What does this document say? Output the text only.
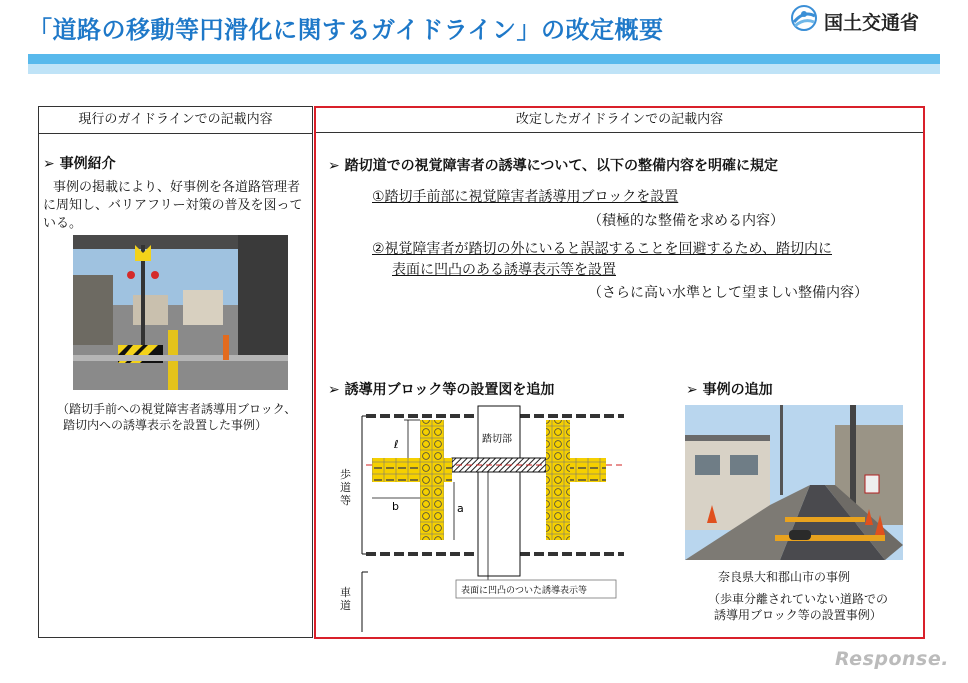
「道路の移動等円滑化に関するガイドライン」の改定概要	国土交通省
現行のガイドラインでの記載内容
➢ 事例紹介
事例の掲載により、好事例を各道路管理者
に周知し、バリアフリー対策の普及を図って
いる。
（踏切手前への視覚障害者誘導用ブロック、
踏切内への誘導表示を設置した事例）
改定したガイドラインでの記載内容
➢ 踏切道での視覚障害者の誘導について、以下の整備内容を明確に規定
①踏切手前部に視覚障害者誘導用ブロックを設置
（積極的な整備を求める内容）
②視覚障害者が踏切の外にいると誤認することを回避するため、踏切内に
表面に凹凸のある誘導表示等を設置
（さらに高い水準として望ましい整備内容）
➢ 誘導用ブロック等の設置図を追加	➢ 事例の追加
ℓ
a
b
踏切部
表面に凹凸のついた誘導表示等
歩道等
車道
奈良県大和郡山市の事例
（歩車分離されていない道路での
誘導用ブロック等の設置事例）
Response.
